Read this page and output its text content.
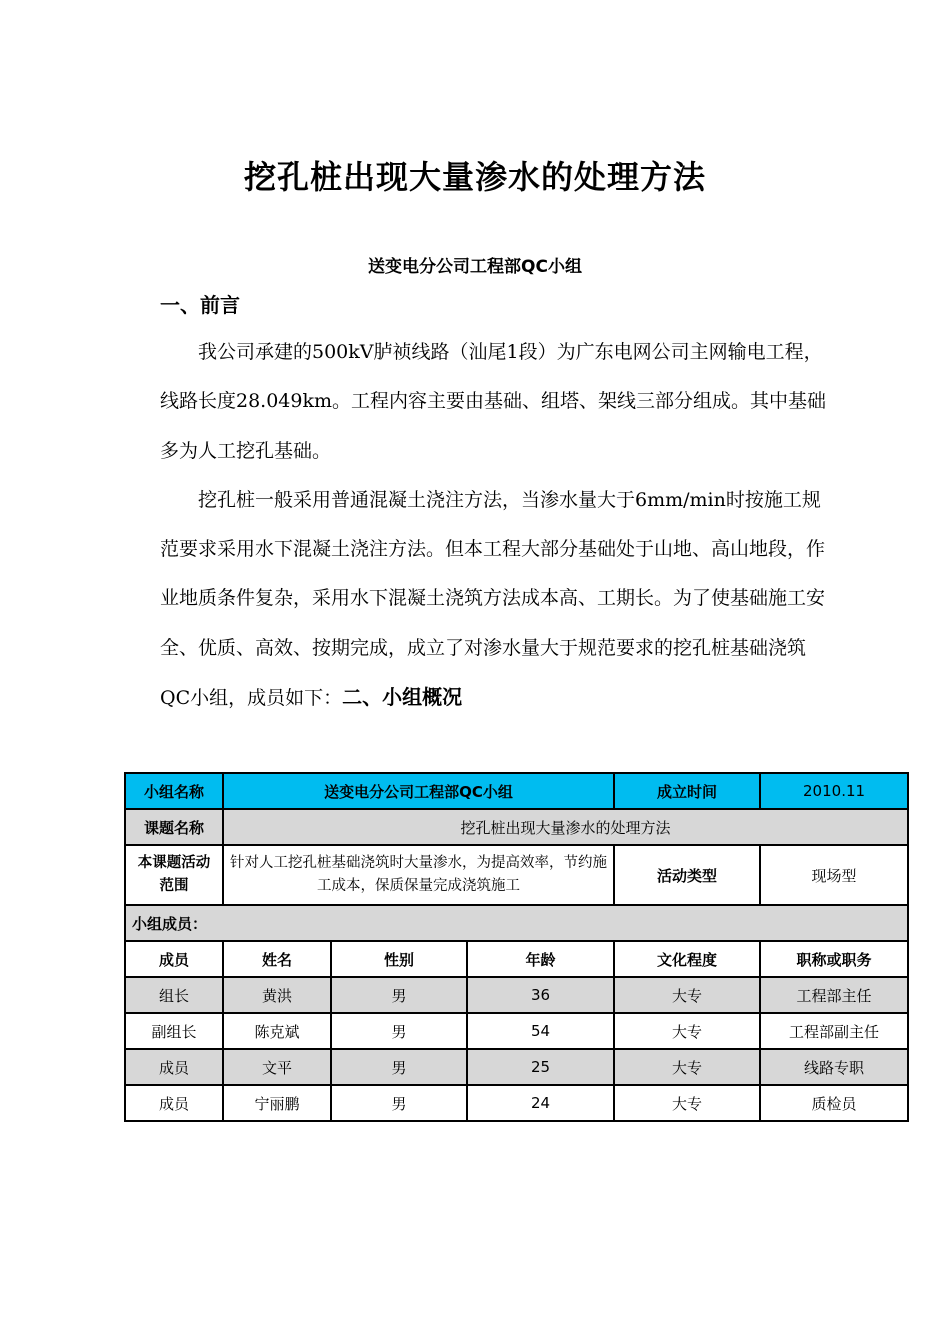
挖孔桩出现大量渗水的处理方法
送变电分公司工程部QC小组
一、前言

我公司承建的500kV胪祯线路（汕尾1段）为广东电网公司主网输电工程，线路长度28.049km。工程内容主要由基础、组塔、架线三部分组成。其中基础多为人工挖孔基础。

挖孔桩一般采用普通混凝土浇注方法，当渗水量大于6mm/min时按施工规范要求采用水下混凝土浇注方法。但本工程大部分基础处于山地、高山地段，作业地质条件复杂，采用水下混凝土浇筑方法成本高、工期长。为了使基础施工安全、优质、高效、按期完成，成立了对渗水量大于规范要求的挖孔桩基础浇筑QC小组，成员如下：二、小组概况

小组名称	送变电分公司工程部QC小组			成立时间	2010.11
课题名称	挖孔桩出现大量渗水的处理方法				
本课题活动范围	针对人工挖孔桩基础浇筑时大量渗水，为提高效率，节约施工成本，保质保量完成浇筑施工			活动类型	现场型
小组成员：					
成员	姓名	性别	年龄	文化程度	职称或职务
组长	黄洪	男	36	大专	工程部主任
副组长	陈克斌	男	54	大专	工程部副主任
成员	文平	男	25	大专	线路专职
成员	宁丽鹏	男	24	大专	质检员
